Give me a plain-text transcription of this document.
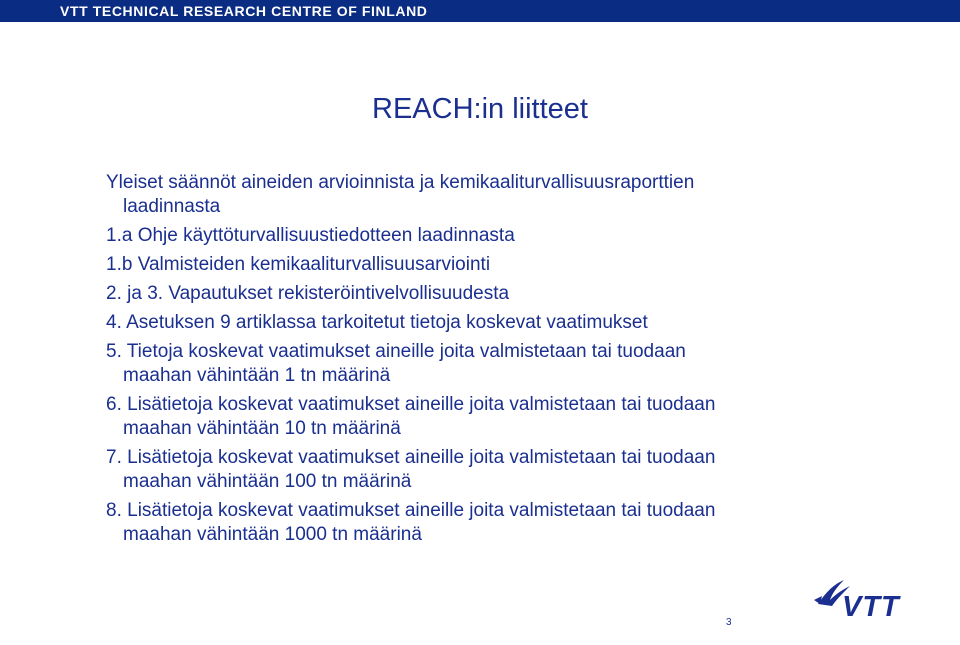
VTT TECHNICAL RESEARCH CENTRE OF FINLAND
REACH:in liitteet
Yleiset säännöt aineiden arvioinnista ja kemikaaliturvallisuusraporttien
laadinnasta
1.a Ohje käyttöturvallisuustiedotteen laadinnasta
1.b Valmisteiden kemikaaliturvallisuusarviointi
2. ja 3. Vapautukset rekisteröintivelvollisuudesta
4. Asetuksen 9 artiklassa tarkoitetut tietoja koskevat vaatimukset
5. Tietoja koskevat vaatimukset aineille joita valmistetaan tai tuodaan
maahan vähintään 1 tn määrinä
6. Lisätietoja koskevat vaatimukset aineille joita valmistetaan tai tuodaan
maahan vähintään 10 tn määrinä
7. Lisätietoja koskevat vaatimukset aineille joita valmistetaan tai tuodaan
maahan vähintään 100 tn määrinä
8. Lisätietoja koskevat vaatimukset aineille joita valmistetaan tai tuodaan
maahan vähintään 1000 tn määrinä
VTT
3
